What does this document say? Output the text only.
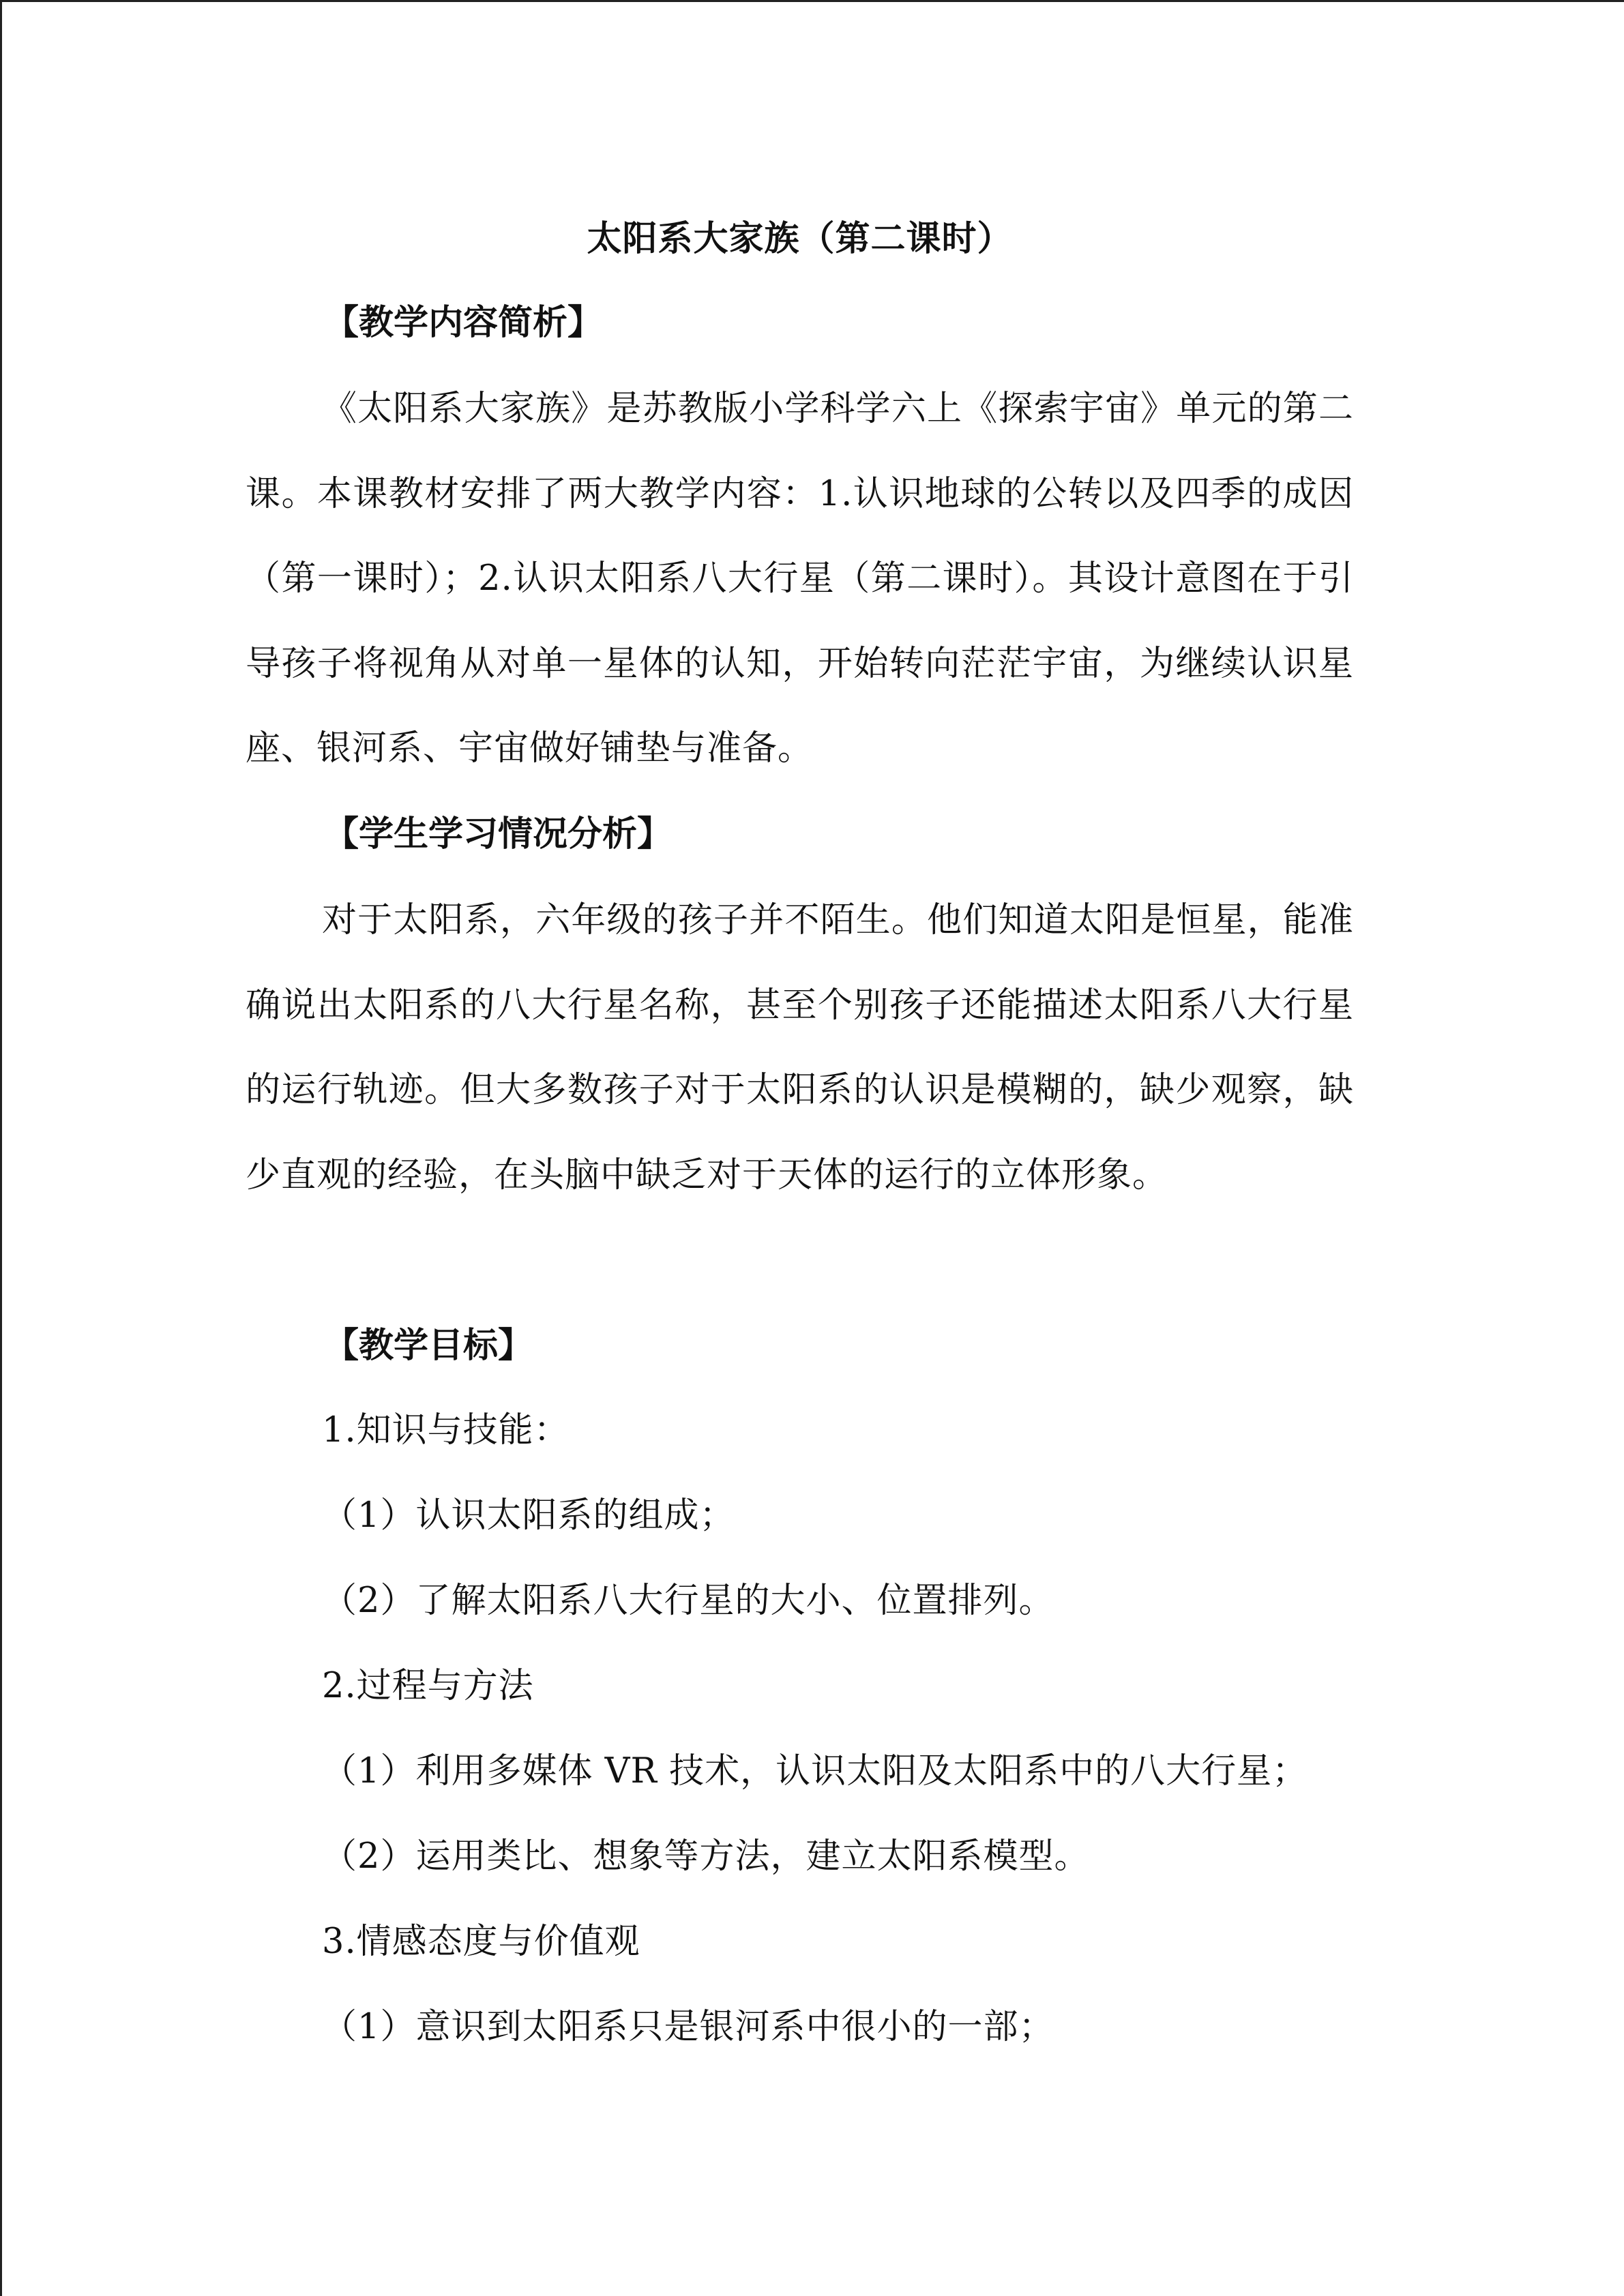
太阳系大家族（第二课时）
【教学内容简析】

《太阳系大家族》是苏教版小学科学六上《探索宇宙》单元的第二课。本课教材安排了两大教学内容：1.认识地球的公转以及四季的成因（第一课时）；2.认识太阳系八大行星（第二课时）。其设计意图在于引导孩子将视角从对单一星体的认知，开始转向茫茫宇宙，为继续认识星座、银河系、宇宙做好铺垫与准备。

【学生学习情况分析】

对于太阳系，六年级的孩子并不陌生。他们知道太阳是恒星，能准确说出太阳系的八大行星名称，甚至个别孩子还能描述太阳系八大行星的运行轨迹。但大多数孩子对于太阳系的认识是模糊的，缺少观察，缺少直观的经验，在头脑中缺乏对于天体的运行的立体形象。

【教学目标】
1.知识与技能：
（1）认识太阳系的组成；
（2）了解太阳系八大行星的大小、位置排列。
2.过程与方法
（1）利用多媒体 VR 技术，认识太阳及太阳系中的八大行星；
（2）运用类比、想象等方法，建立太阳系模型。
3.情感态度与价值观
（1）意识到太阳系只是银河系中很小的一部；
